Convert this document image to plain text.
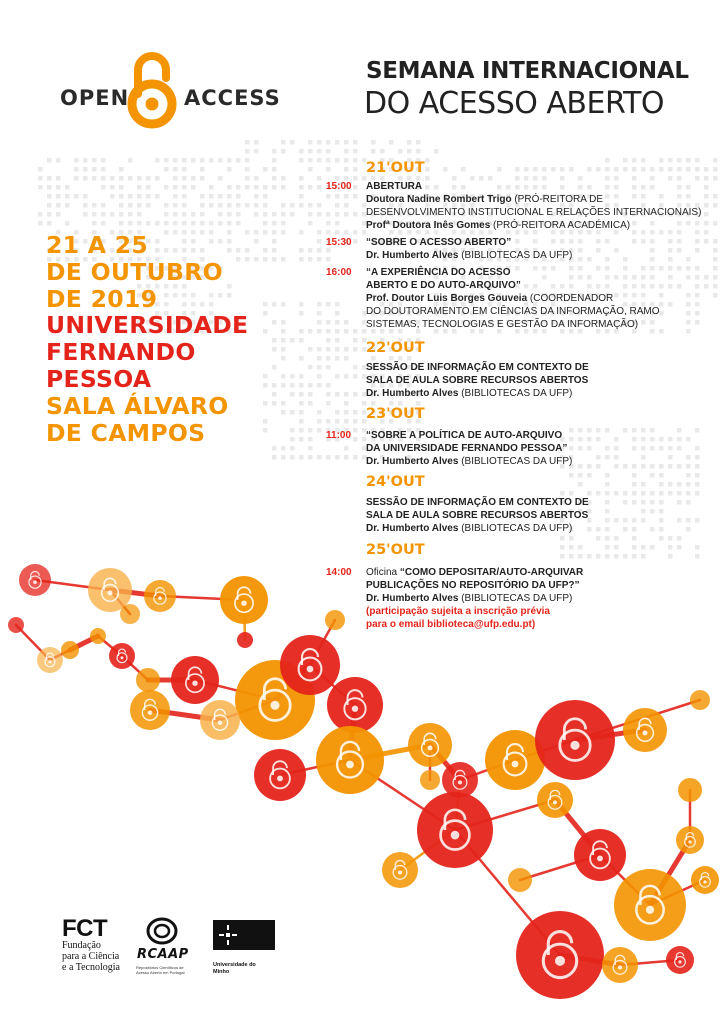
OPEN	ACCESS
SEMANA INTERNACIONAL
DO ACESSO ABERTO
21 A 25
DE OUTUBRO
DE 2019
UNIVERSIDADE
FERNANDO
PESSOA
SALA ÁLVARO
DE CAMPOS
21'OUT
15:00 ABERTURA
Doutora Nadine Rombert Trigo (PRÓ-REITORA DE
DESENVOLVIMENTO INSTITUCIONAL E RELAÇÕES INTERNACIONAIS)
Profª Doutora Inês Gomes (PRÓ-REITORA ACADÉMICA)
15:30 “SOBRE O ACESSO ABERTO”
Dr. Humberto Alves (BIBLIOTECAS DA UFP)
16:00 “A EXPERIÊNCIA DO ACESSO
ABERTO E DO AUTO-ARQUIVO”
Prof. Doutor Luis Borges Gouveia (COORDENADOR
DO DOUTORAMENTO EM CIÊNCIAS DA INFORMAÇÃO, RAMO
SISTEMAS, TECNOLOGIAS E GESTÃO DA INFORMAÇÃO)
22'OUT
SESSÃO DE INFORMAÇÃO EM CONTEXTO DE
SALA DE AULA SOBRE RECURSOS ABERTOS
Dr. Humberto Alves (BIBLIOTECAS DA UFP)
23'OUT
11:00 “SOBRE A POLÍTICA DE AUTO-ARQUIVO
DA UNIVERSIDADE FERNANDO PESSOA”
Dr. Humberto Alves (BIBLIOTECAS DA UFP)
24'OUT
SESSÃO DE INFORMAÇÃO EM CONTEXTO DE
SALA DE AULA SOBRE RECURSOS ABERTOS
Dr. Humberto Alves (BIBLIOTECAS DA UFP)
25'OUT
14:00 Oficina “COMO DEPOSITAR/AUTO-ARQUIVAR
PUBLICAÇÕES NO REPOSITÓRIO DA UFP?”
Dr. Humberto Alves (BIBLIOTECAS DA UFP)
(participação sujeita a inscrição prévia
para o email biblioteca@ufp.edu.pt)
FCT
Fundação
para a Ciência
e a Tecnologia
RCAAP
Repositórios Científicos de
Acesso Aberto em Portugal
Universidade do
Minho
